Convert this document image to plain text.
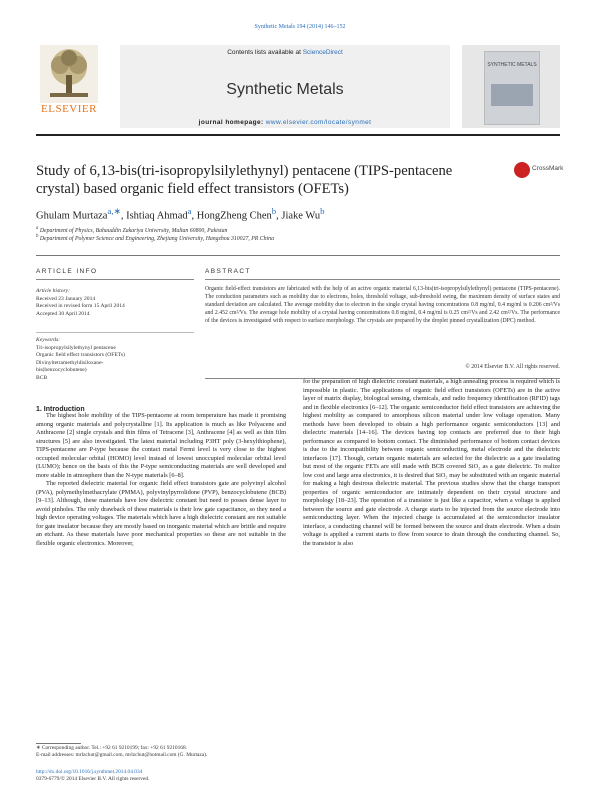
Synthetic Metals 194 (2014) 146–152
ELSEVIER
Contents lists available at ScienceDirect
Synthetic Metals
journal homepage: www.elsevier.com/locate/synmet
SYNTHETIC METALS
Study of 6,13-bis(tri-isopropylsilylethynyl) pentacene (TIPS-pentacene crystal) based organic field effect transistors (OFETs)
CrossMark
Ghulam Murtaza$^{a,∗}$, Ishtiaq Ahmad$^a$, HongZheng Chen$^b$, Jiake Wu$^b$
$^a$ Department of Physics, Bahauddin Zakariya University, Multan 60800, Pakistan
$^b$ Department of Polymer Science and Engineering, Zhejiang University, Hangzhou 310027, PR China
ARTICLE INFO	ABSTRACT
Article history:
Received 23 January 2014
Received in revised form 15 April 2014
Accepted 30 April 2014
Keywords:
Tri-isopropylsilylethynyl pentacene
Organic field effect transistors (OFETs)
Divinyltetramethyldisiloxane-
bis(benzocyclobutene)
BCB
Organic field-effect transistors are fabricated with the help of an active organic material 6,13-bis(tri-isopropylsilylethynyl) pentacene (TIPS-pentacene). The conduction parameters such as mobility due to electrons, holes, threshold voltage, sub-threshold swing, the maximum density of surface states and standard deviation are calculated. The average mobility due to electron in the single crystal having concentrations 0.8 mg/ml, 0.4 mg/ml is 0.206 cm²/Vs and 2.452 cm²/Vs. The average hole mobility of a crystal having concentrations 0.8 mg/ml, 0.4 mg/ml is 0.25 cm²/Vs and 2.42 cm²/Vs. The performance of the devices is investigated with respect to surface morphology. The crystals are prepared by the droplet pinned crystallization (DPC) method.
© 2014 Elsevier B.V. All rights reserved.
1. Introduction

The highest hole mobility of the TIPS-pentacene at room temperature has made it promising among organic materials and polycrystalline [1]. Its application is much as like Polyacene and Anthracene [2] single crystals and thin films of Tetracene [3], Anthracene [4] as well as thin film structures [5] are also investigated. The latest material including P3HT poly (3-hexylthiophene), TIPS-pentacene are P-type because the contact metal Fermi level is very close to the highest occupied molecular orbital (HOMO) level instead of lowest unoccupied molecular orbital level (LUMO); hence on the basis of this the P-type semiconducting materials are well developed and more stable in atmosphere than the N-type materials [6–8].

The reported dielectric material for organic field effect transistors gate are polyvinyl alcohol (PVA), polymethylmethacrylate (PMMA), polyvinylpyrrolidone (PVP), benzocyclobutene (BCB) [9–13]. Although, these materials have low dielectric constant but need to posses dense layer to avoid pinholes. The only drawback of these materials is their low gate capacitance, so they need a high device operating voltages. The materials which have a high dielectric constant are not suitable for gate insulator because they are mostly based on inorganic material which are brittle and require an etchant. As these materials have poor mechanical properties so these are not suitable in the flexible organic electronics. Moreover,

for the preparation of high dielectric constant materials, a high annealing process is required which is impossible in plastic. The applications of organic field effect transistors (OFETs) are in the active layer of matrix display, biological sensing, chemicals, and radio frequency identification (RFID) tags and in flexible electronics [6–12]. The organic semiconductor field effect transistors are achieving the highest mobility as compared to amorphous silicon material under low voltage operation. Many methods have been developed to obtain a high performance organic semiconductors [13] and dielectric materials [14–16]. The devices having top contacts are preferred due to their high performance as compared to bottom contact. The diminished performance of bottom contact devices is due to the incompatibility between organic semiconducting, metal electrode and the dielectric interfaces [17]. Though, certain organic materials are selected for the dielectric as a gate insulating but most of the organic FETs are still made with BCB covered SiO₂ as a gate dielectric. To realize low cost and large area electronics, it is desired that SiO₂ may be substituted with an organic material for making a high desirous dielectric material. The previous studies show that the charge transport properties of organic semiconductor are intimately dependent on their crystal structure and morphology [18–23]. The operation of a transistor is just like a capacitor, when a voltage is applied between the source and gate electrode. A charge starts to be injected from the source electrode into semiconducting layer. When the injected charge is accumulated at the semiconductor insulator interface, a conducting channel will be formed between the source and drain electrode. When a drain voltage is applied a current starts to flow from source to drain through the conducting channel. So, the transistor is also

∗ Corresponding author. Tel.: +92 61 9210199; fax: +92 61 9210168.
E-mail addresses: mrlzchut@gmail.com, mrlzchut@hotmail.com (G. Murtaza).
http://dx.doi.org/10.1016/j.synthmet.2014.04.034
0379-6779/© 2014 Elsevier B.V. All rights reserved.
